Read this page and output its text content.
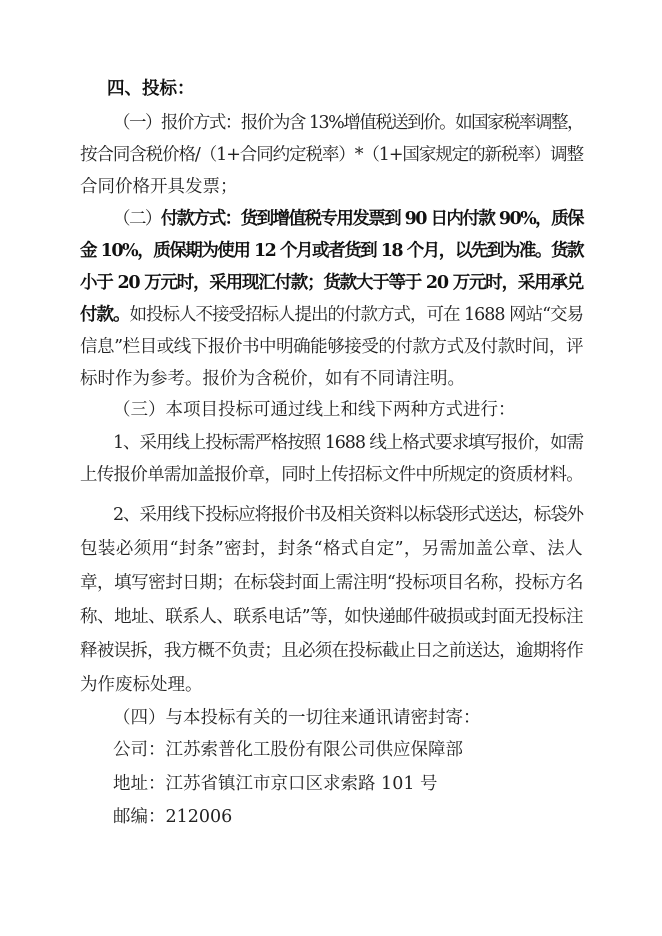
四、投标：
（一）报价方式：报价为含 13%增值税送到价。如国家税率调整，
按合同含税价格/（1+合同约定税率）*（1+国家规定的新税率）调整
合同价格开具发票；
（二）付款方式：货到增值税专用发票到 90 日内付款 90%，质保
金 10%，质保期为使用 12 个月或者货到 18 个月，以先到为准。货款
小于 20 万元时，采用现汇付款；货款大于等于 20 万元时，采用承兑
付款。如投标人不接受招标人提出的付款方式，可在 1688 网站“交易
信息”栏目或线下报价书中明确能够接受的付款方式及付款时间，评
标时作为参考。报价为含税价，如有不同请注明。
（三）本项目投标可通过线上和线下两种方式进行：
1、采用线上投标需严格按照 1688 线上格式要求填写报价，如需
上传报价单需加盖报价章，同时上传招标文件中所规定的资质材料。
2、采用线下投标应将报价书及相关资料以标袋形式送达，标袋外
包装必须用“封条”密封，封条“格式自定”，另需加盖公章、法人
章，填写密封日期；在标袋封面上需注明“投标项目名称，投标方名
称、地址、联系人、联系电话”等，如快递邮件破损或封面无投标注
释被误拆，我方概不负责；且必须在投标截止日之前送达，逾期将作
为作废标处理。
（四）与本投标有关的一切往来通讯请密封寄：
公司：江苏索普化工股份有限公司供应保障部
地址：江苏省镇江市京口区求索路 101 号
邮编：212006
